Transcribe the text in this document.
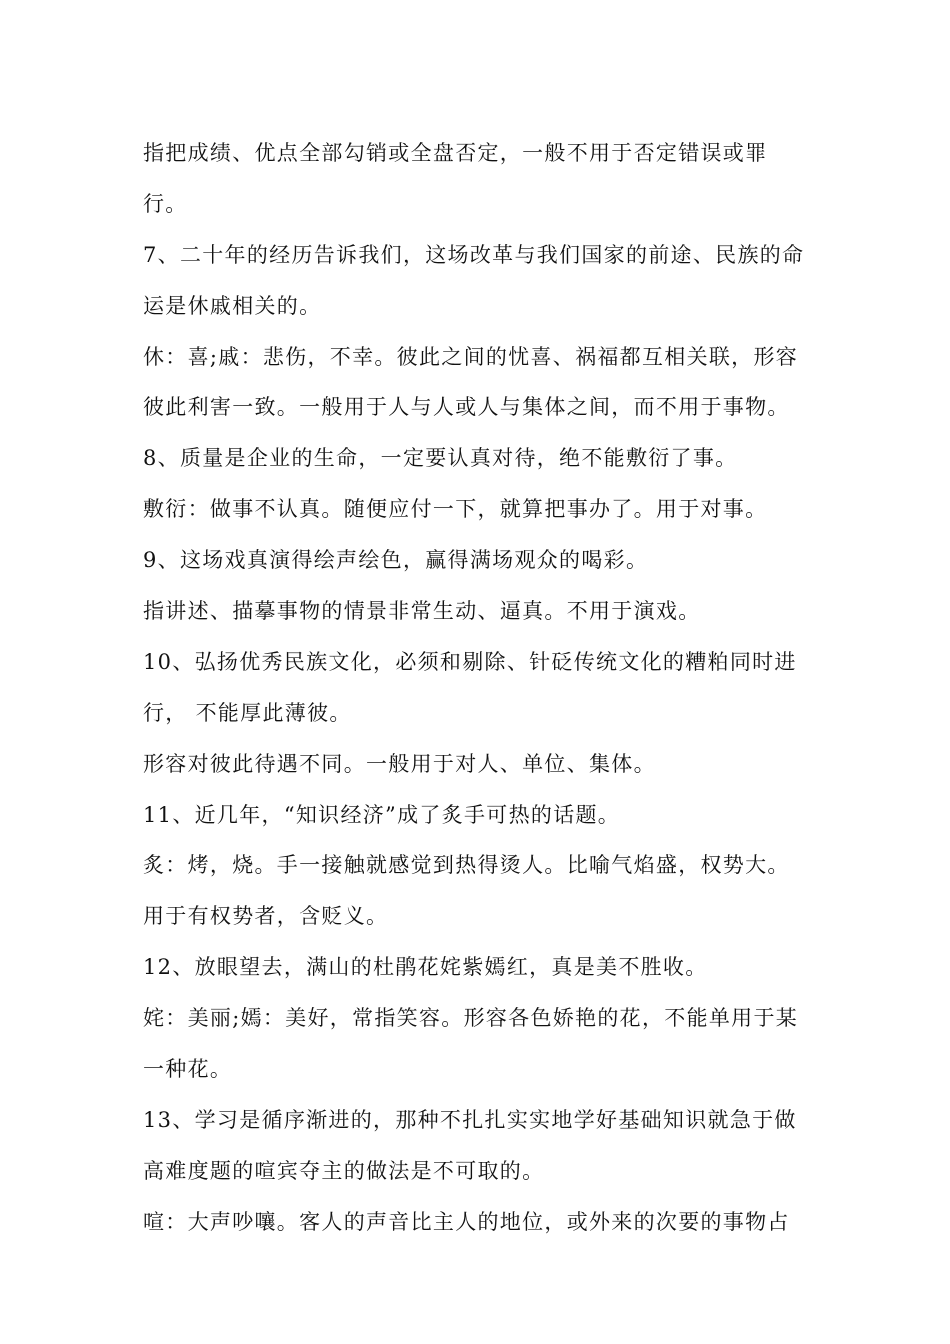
指把成绩、优点全部勾销或全盘否定，一般不用于否定错误或罪
行。
7、二十年的经历告诉我们，这场改革与我们国家的前途、民族的命
运是休戚相关的。
休：喜;戚：悲伤，不幸。彼此之间的忧喜、祸福都互相关联，形容
彼此利害一致。一般用于人与人或人与集体之间，而不用于事物。
8、质量是企业的生命，一定要认真对待，绝不能敷衍了事。
敷衍：做事不认真。随便应付一下，就算把事办了。用于对事。
9、这场戏真演得绘声绘色，赢得满场观众的喝彩。
指讲述、描摹事物的情景非常生动、逼真。不用于演戏。
10、弘扬优秀民族文化，必须和剔除、针砭传统文化的糟粕同时进
行， 不能厚此薄彼。
形容对彼此待遇不同。一般用于对人、单位、集体。
11、近几年，“知识经济”成了炙手可热的话题。
炙：烤，烧。手一接触就感觉到热得烫人。比喻气焰盛，权势大。
用于有权势者，含贬义。
12、放眼望去，满山的杜鹃花姹紫嫣红，真是美不胜收。
姹：美丽;嫣：美好，常指笑容。形容各色娇艳的花，不能单用于某
一种花。
13、学习是循序渐进的，那种不扎扎实实地学好基础知识就急于做
高难度题的喧宾夺主的做法是不可取的。
喧：大声吵嚷。客人的声音比主人的地位，或外来的次要的事物占
